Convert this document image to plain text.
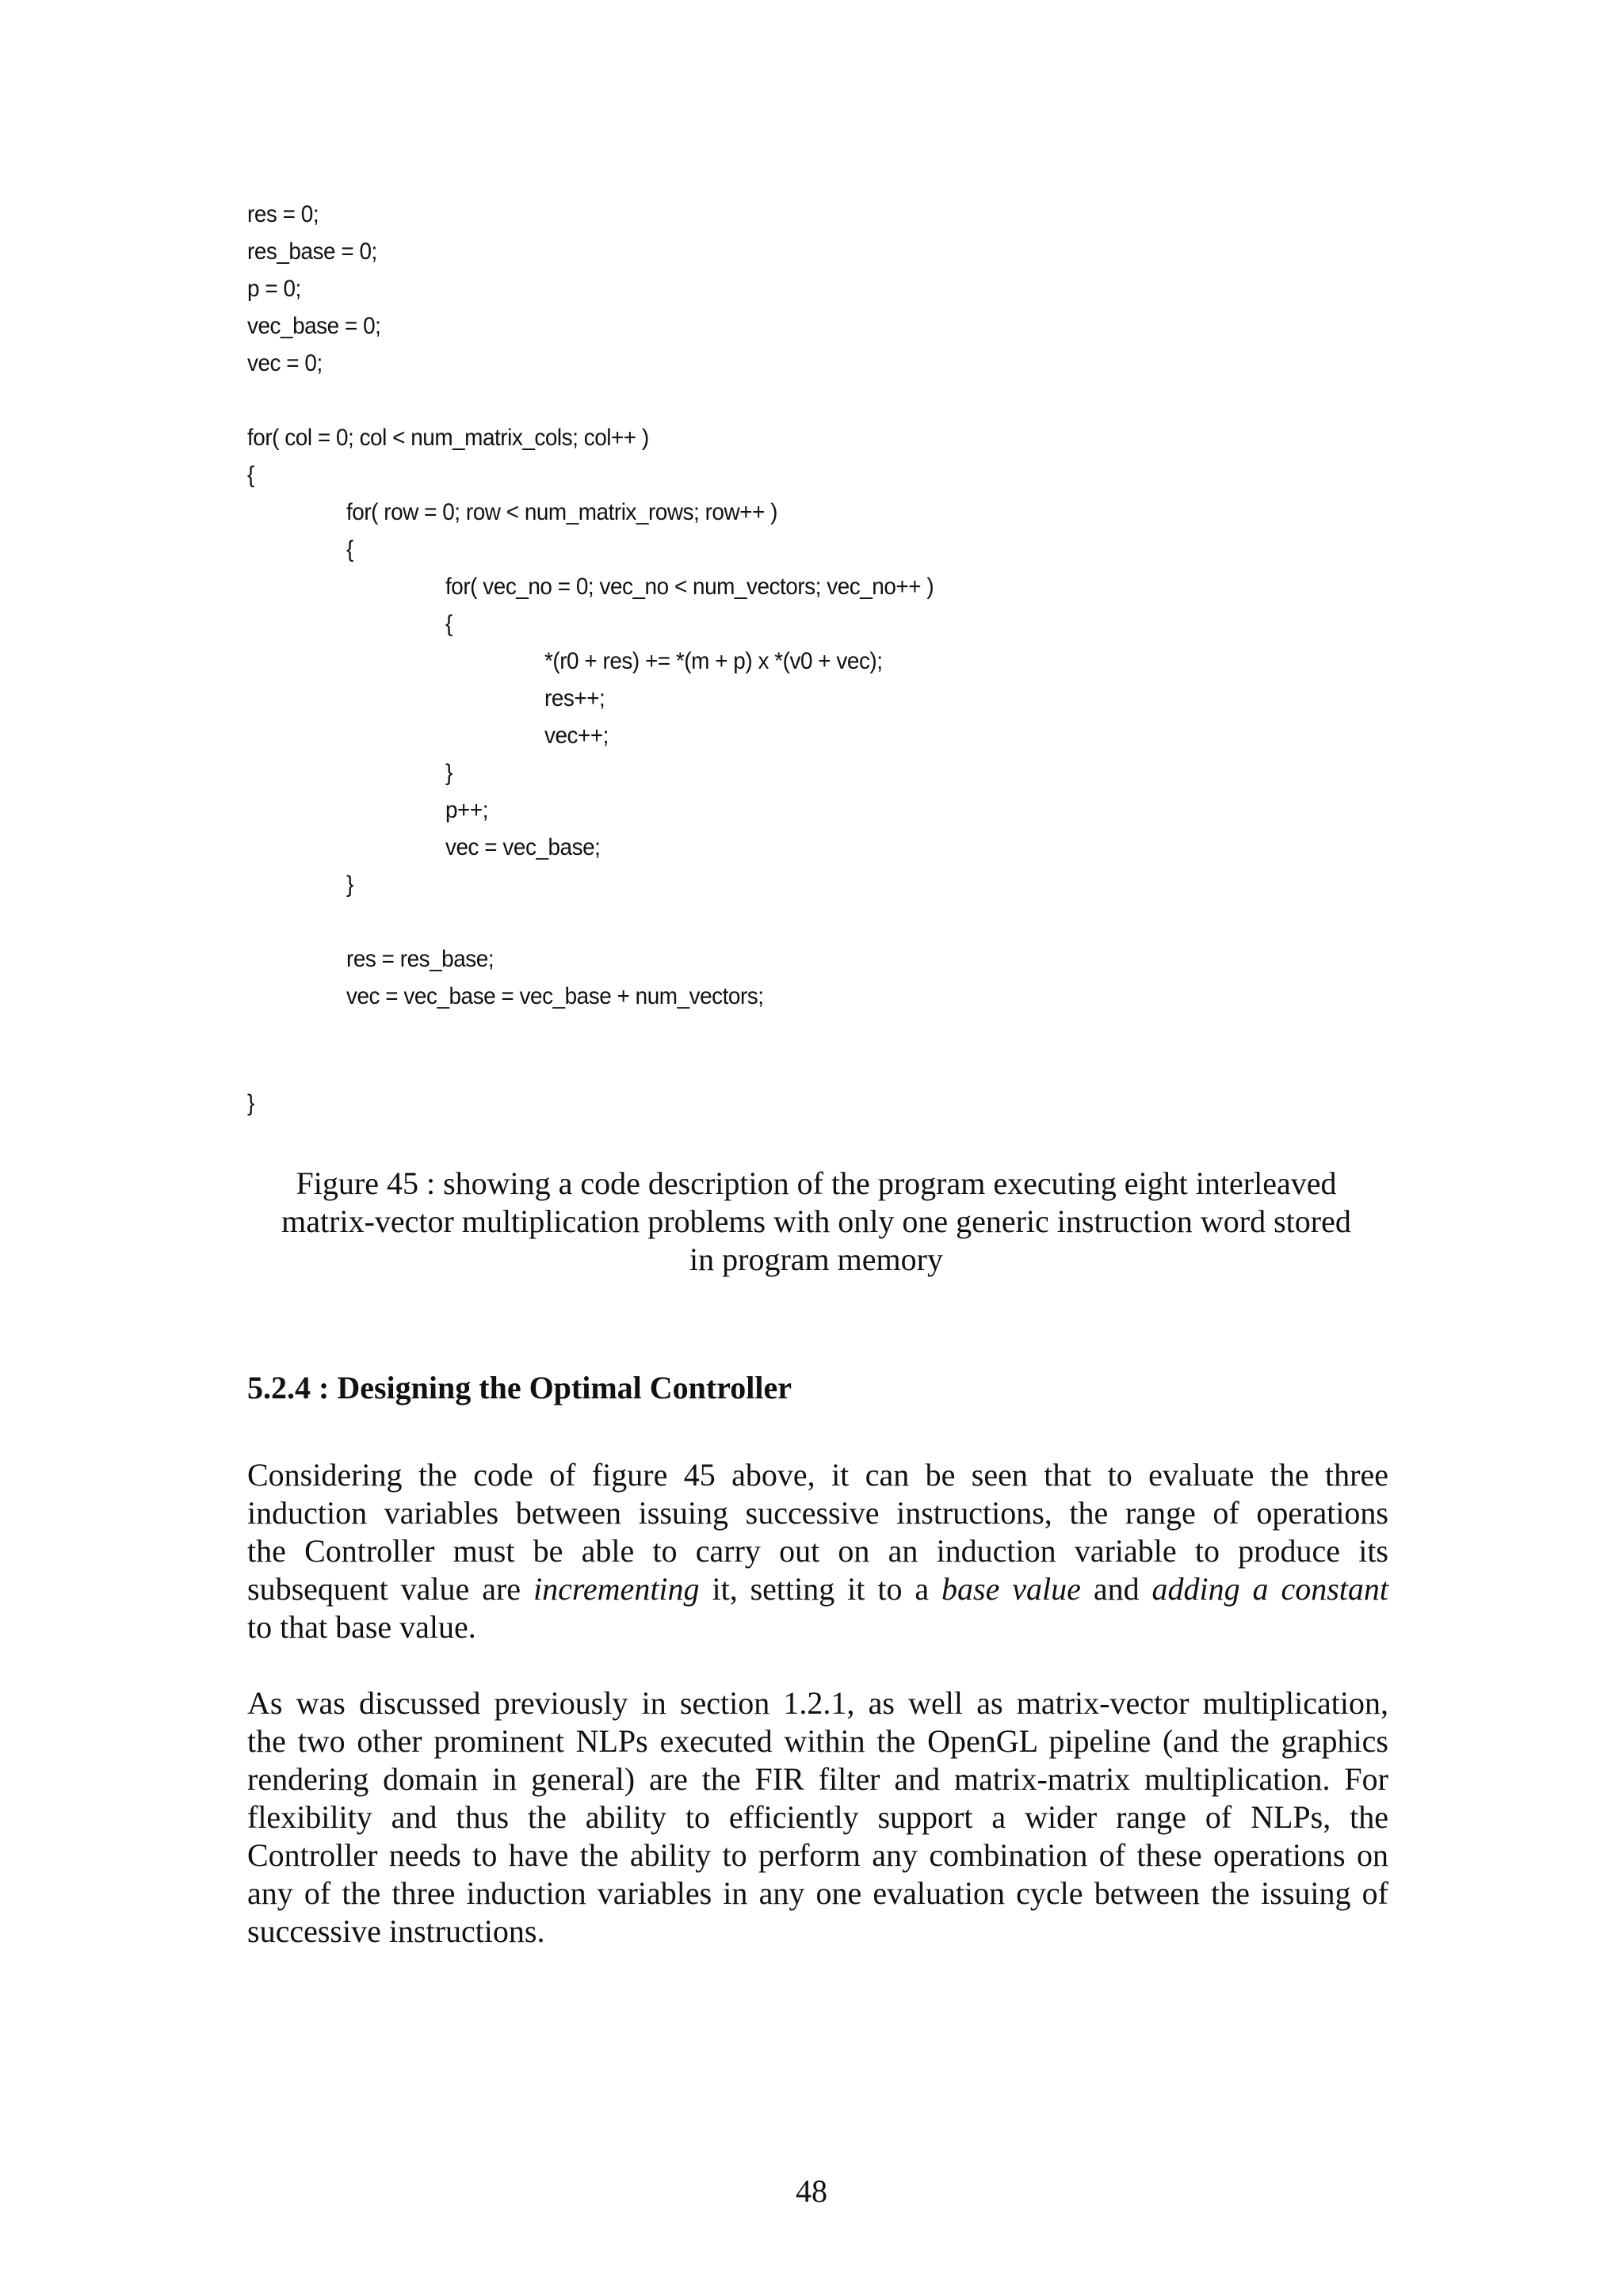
res = 0;
res_base = 0;
p = 0;
vec_base = 0;
vec = 0;
for( col = 0; col < num_matrix_cols; col++ )
{
for( row = 0; row < num_matrix_rows; row++ )
{
for( vec_no = 0; vec_no < num_vectors; vec_no++ )
{
*(r0 + res) += *(m + p) x *(v0 + vec);
res++;
vec++;
}
p++;
vec = vec_base;
}
res = res_base;
vec = vec_base = vec_base + num_vectors;
}
Figure 45 : showing a code description of the program executing eight interleaved
matrix-vector multiplication problems with only one generic instruction word stored
in program memory
5.2.4 : Designing the Optimal Controller
Considering the code of figure 45 above, it can be seen that to evaluate the three
induction variables between issuing successive instructions, the range of operations
the Controller must be able to carry out on an induction variable to produce its
subsequent value are incrementing it, setting it to a base value and adding a constant
to that base value.
As was discussed previously in section 1.2.1, as well as matrix-vector multiplication,
the two other prominent NLPs executed within the OpenGL pipeline (and the graphics
rendering domain in general) are the FIR filter and matrix-matrix multiplication. For
flexibility and thus the ability to efficiently support a wider range of NLPs, the
Controller needs to have the ability to perform any combination of these operations on
any of the three induction variables in any one evaluation cycle between the issuing of
successive instructions.
48
